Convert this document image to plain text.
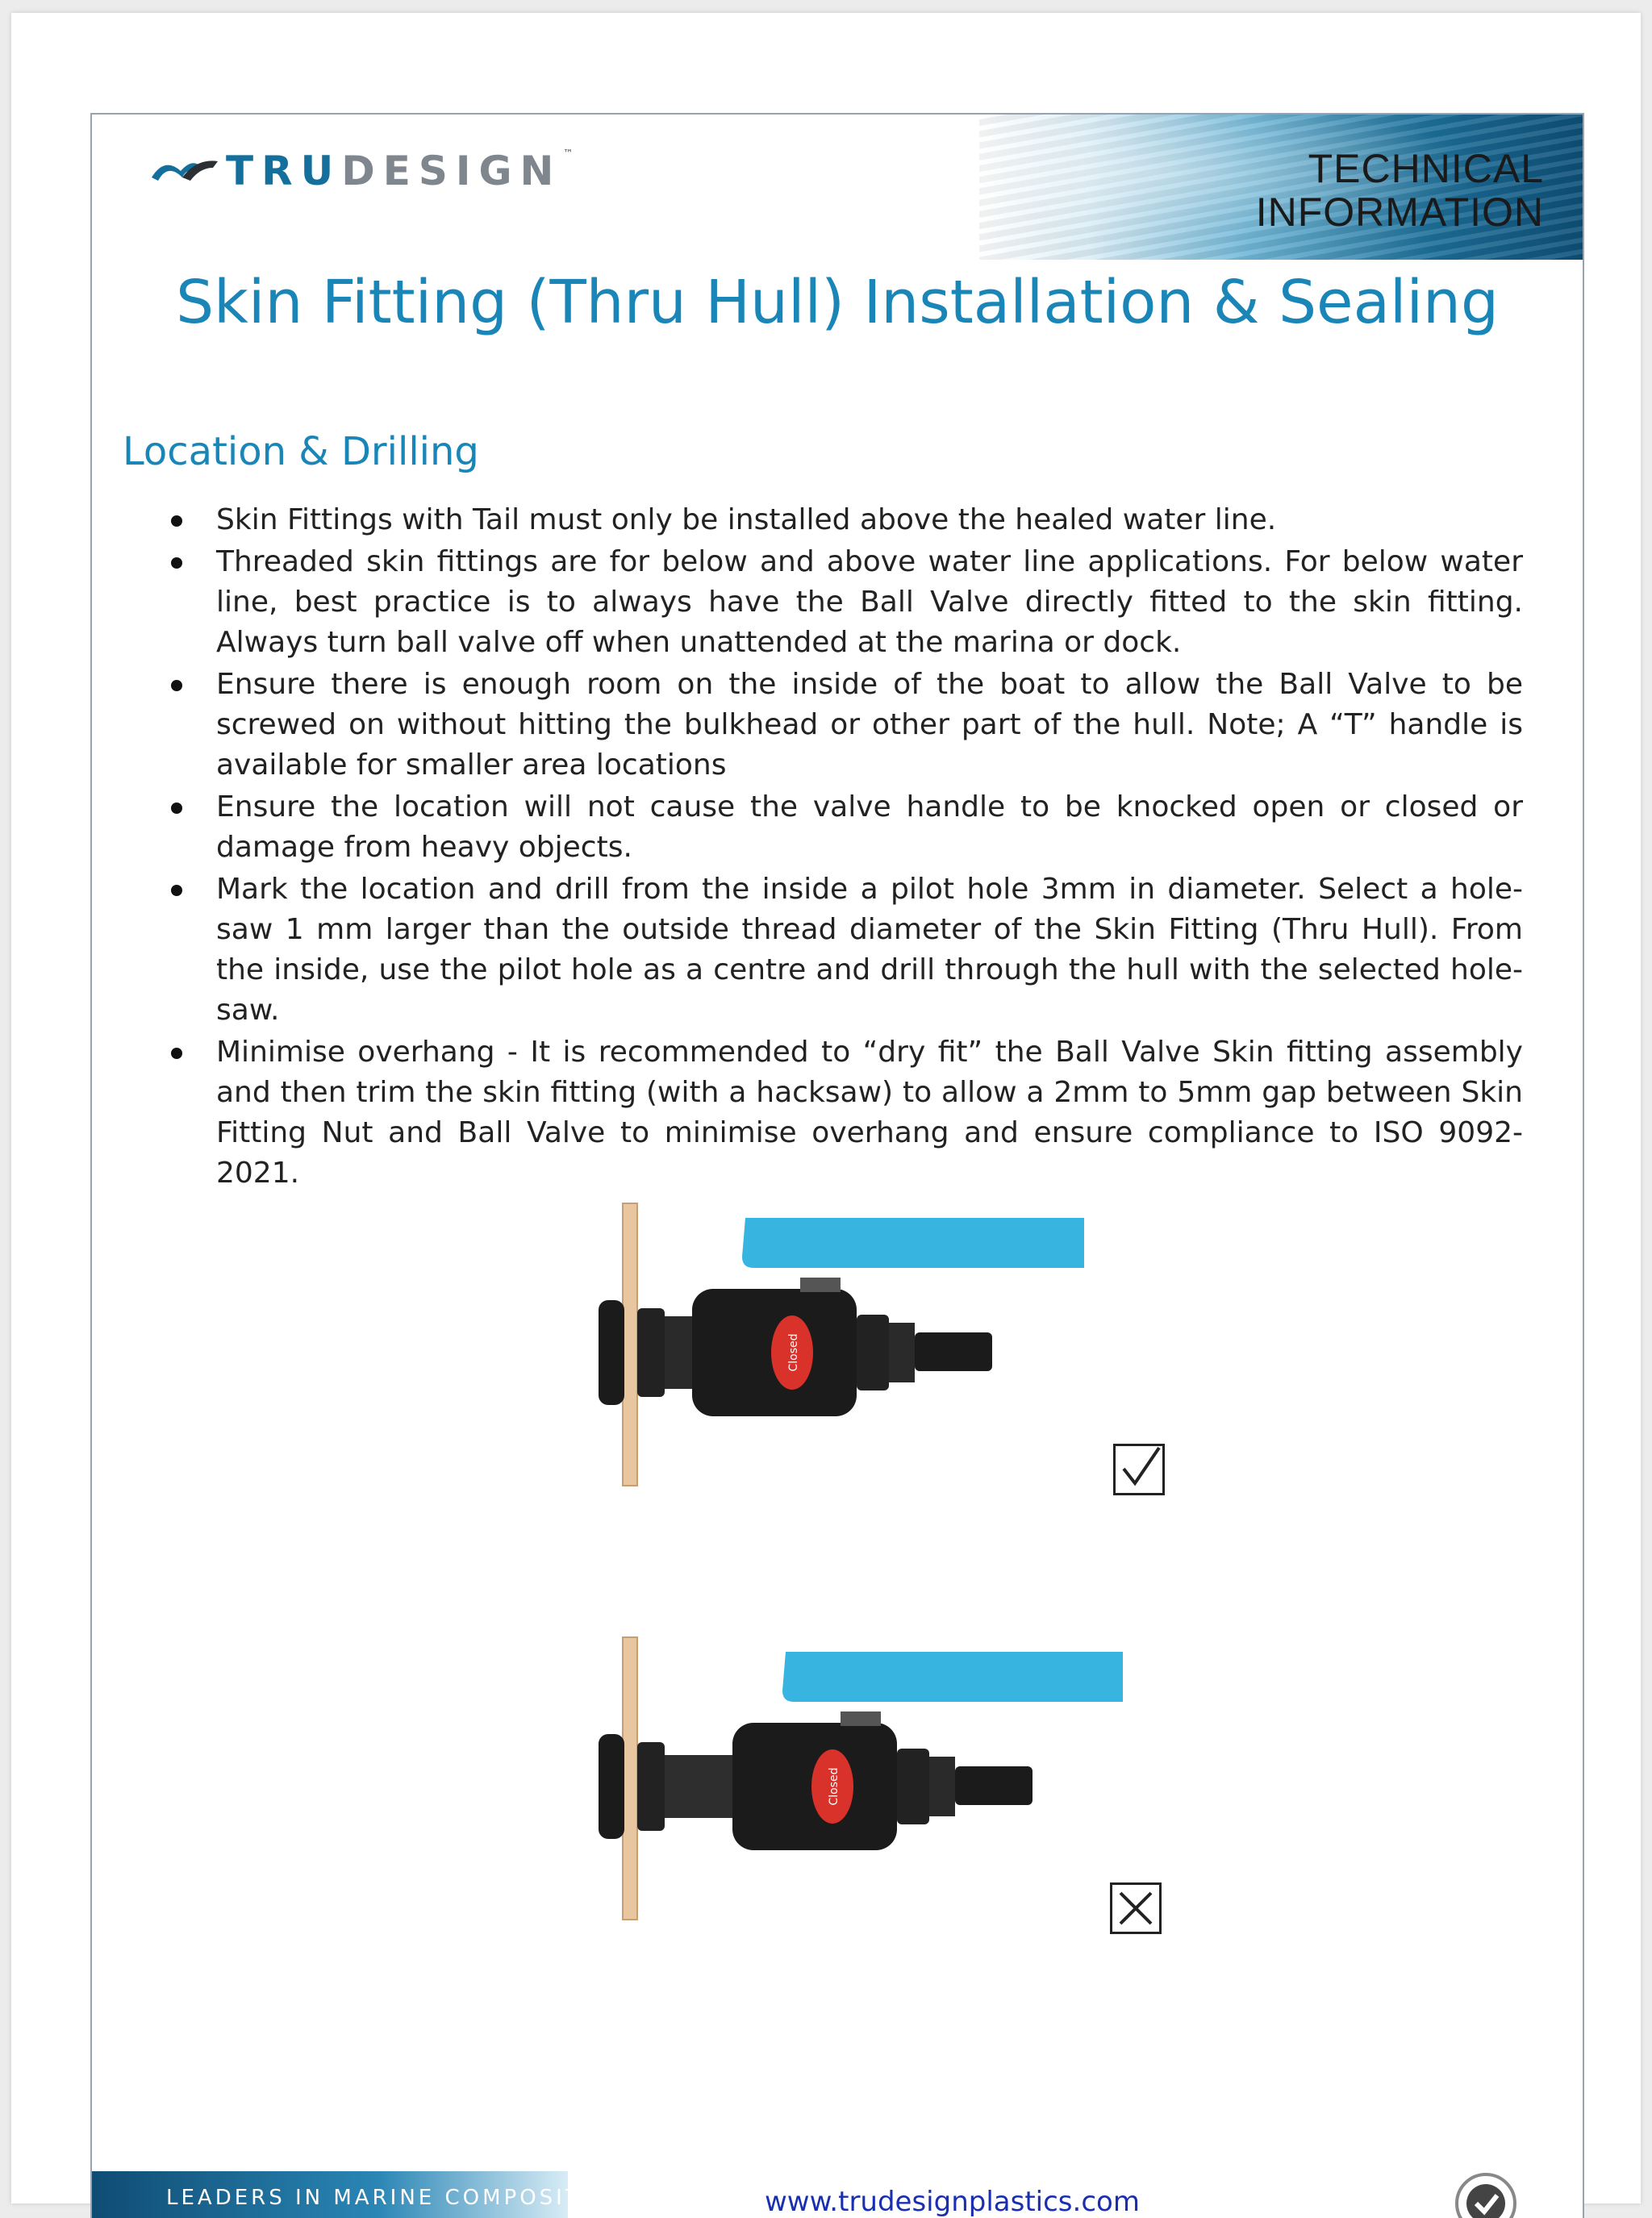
TECHNICAL
INFORMATION
TRUDESIGN ™
Skin Fitting (Thru Hull) Installation & Sealing
Location & Drilling
Skin Fittings with Tail must only be installed above the healed water line.
Threaded skin fittings are for below and above water line applications. For below water line, best practice is to always have the Ball Valve directly fitted to the skin fitting. Always turn ball valve off when unattended at the marina or dock.
Ensure there is enough room on the inside of the boat to allow the Ball Valve to be screwed on without hitting the bulkhead or other part of the hull. Note; A “T” handle is available for smaller area locations
Ensure the location will not cause the valve handle to be knocked open or closed or damage from heavy objects.
Mark the location and drill from the inside a pilot hole 3mm in diameter. Select a hole-saw 1 mm larger than the outside thread diameter of the Skin Fitting (Thru Hull). From the inside, use the pilot hole as a centre and drill through the hull with the selected hole-saw.
Minimise overhang - It is recommended to “dry fit” the Ball Valve Skin fitting assembly and then trim the skin fitting (with a hacksaw) to allow a 2mm to 5mm gap between Skin Fitting Nut and Ball Valve to minimise overhang and ensure compliance to ISO 9092-2021.
Closed
Closed
LEADERS IN MARINE COMPOSITE	www.trudesignplastics.com
